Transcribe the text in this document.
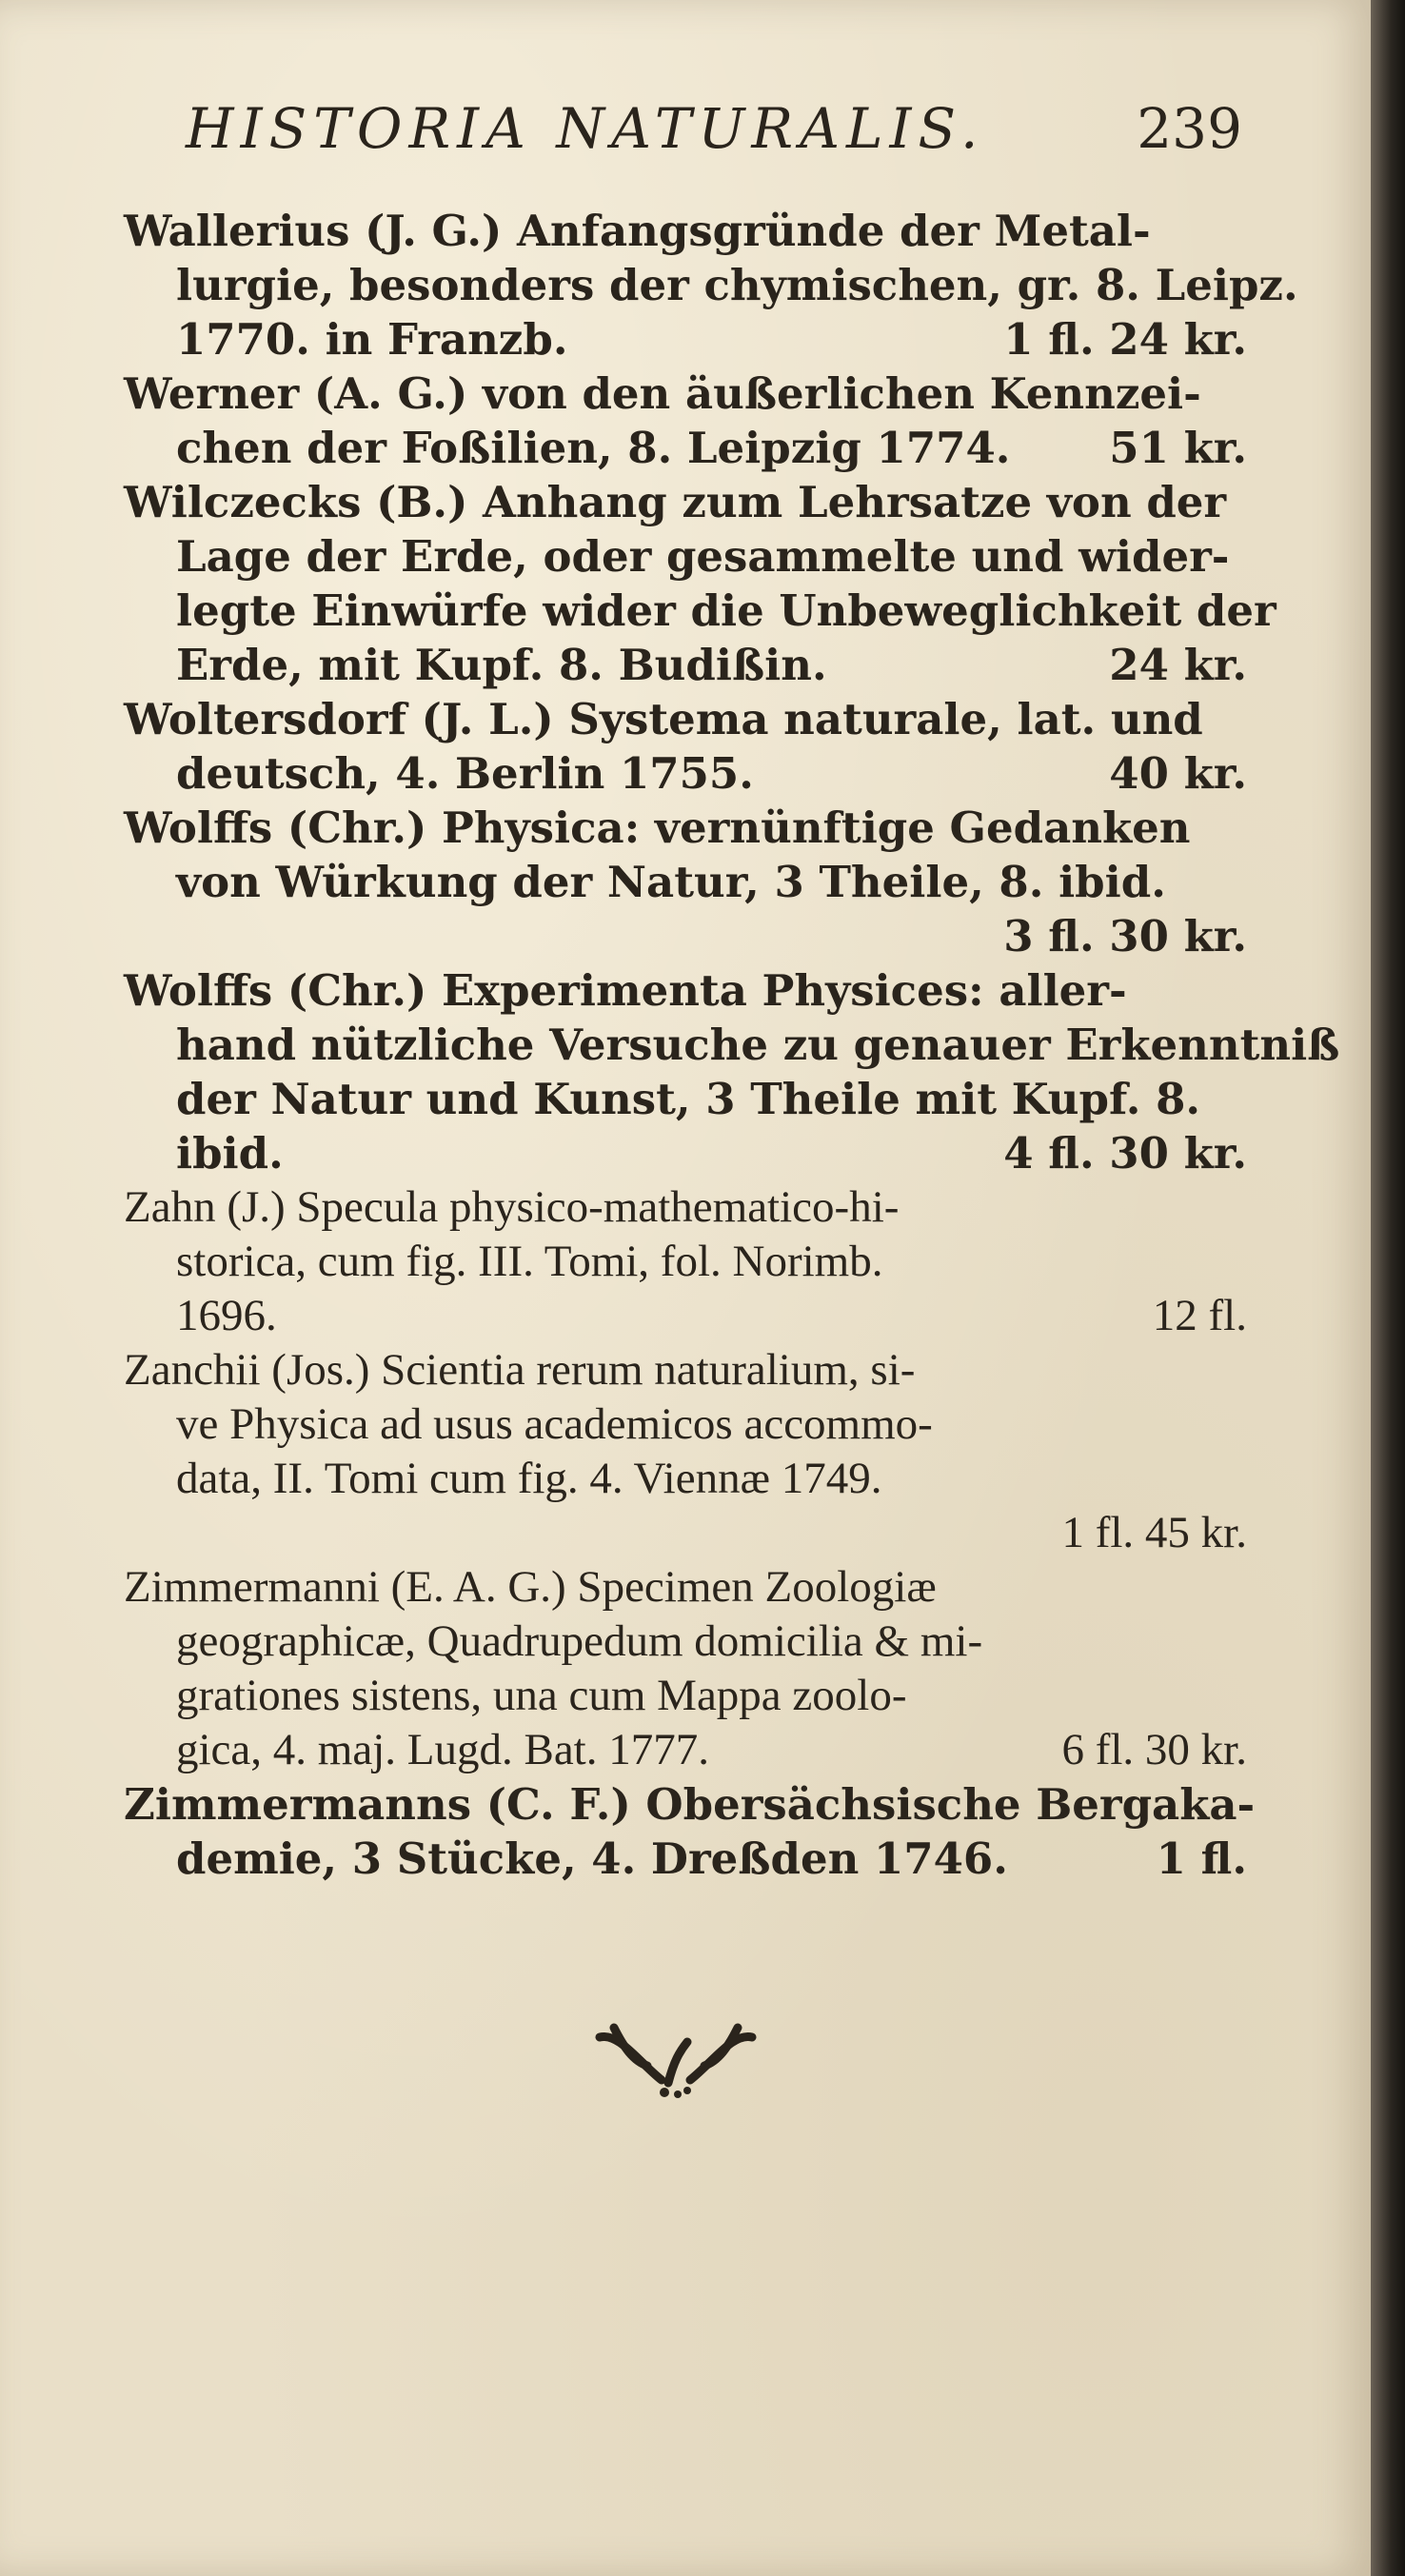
HISTORIA NATURALIS.	239
Wallerius (J. G.) Anfangsgründe der Metal-
lurgie, besonders der chymischen, gr. 8. Leipz.
1770. in Franzb.	1 fl. 24 kr.
Werner (A. G.) von den äußerlichen Kennzei-
chen der Foßilien, 8. Leipzig 1774. 51 kr.
Wilczecks (B.) Anhang zum Lehrsatze von der
Lage der Erde, oder gesammelte und wider-
legte Einwürfe wider die Unbeweglichkeit der
Erde, mit Kupf. 8. Budißin.	24 kr.
Woltersdorf (J. L.) Systema naturale, lat. und
deutsch, 4. Berlin 1755.	40 kr.
Wolffs (Chr.) Physica: vernünftige Gedanken
von Würkung der Natur, 3 Theile, 8. ibid.
3 fl. 30 kr.
Wolffs (Chr.) Experimenta Physices: aller-
hand nützliche Versuche zu genauer Erkenntniß
der Natur und Kunst, 3 Theile mit Kupf. 8.
ibid.	4 fl. 30 kr.
Zahn (J.) Specula physico-mathematico-hi-
storica, cum fig. III. Tomi, fol. Norimb.
1696.	12 fl.
Zanchii (Jos.) Scientia rerum naturalium, si-
ve Physica ad usus academicos accommo-
data, II. Tomi cum fig. 4. Viennæ 1749.
1 fl. 45 kr.
Zimmermanni (E. A. G.) Specimen Zoologiæ
geographicæ, Quadrupedum domicilia & mi-
grationes sistens, una cum Mappa zoolo-
gica, 4. maj. Lugd. Bat. 1777.	6 fl. 30 kr.
Zimmermanns (C. F.) Obersächsische Bergaka-
demie, 3 Stücke, 4. Dreßden 1746.	1 fl.
